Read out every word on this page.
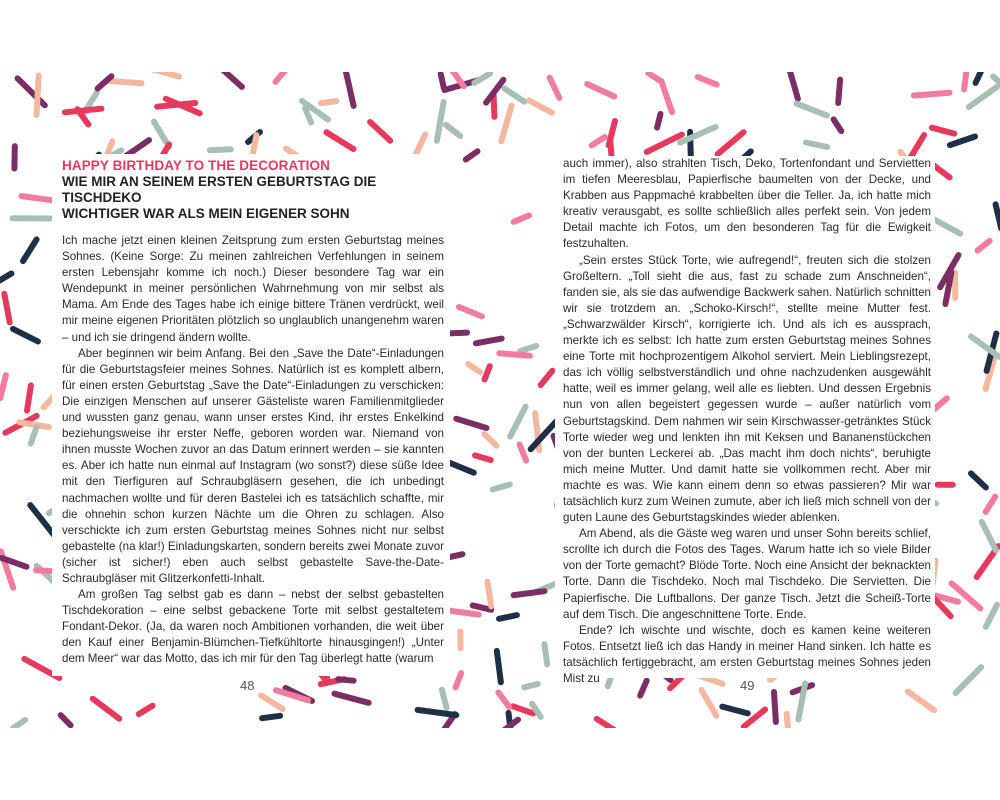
HAPPY BIRTHDAY TO THE DECORATION
WIE MIR AN SEINEM ERSTEN GEBURTSTAG DIE TISCHDEKO
WICHTIGER WAR ALS MEIN EIGENER SOHN

Ich mache jetzt einen kleinen Zeitsprung zum ersten Geburtstag meines Sohnes. (Keine Sorge: Zu meinen zahlreichen Verfehlungen in seinem ersten Lebensjahr komme ich noch.) Dieser besondere Tag war ein Wendepunkt in meiner persönlichen Wahrnehmung von mir selbst als Mama. Am Ende des Tages habe ich einige bittere Tränen verdrückt, weil mir meine eigenen Prioritäten plötzlich so unglaublich unangenehm waren – und ich sie dringend ändern wollte.

Aber beginnen wir beim Anfang. Bei den „Save the Date“-Einladungen für die Geburtstagsfeier meines Sohnes. Natürlich ist es komplett albern, für einen ersten Geburtstag „Save the Date“-Einladungen zu verschicken: Die einzigen Menschen auf unserer Gästeliste waren Familienmitglieder und wussten ganz genau, wann unser erstes Kind, ihr erstes Enkelkind beziehungsweise ihr erster Neffe, geboren worden war. Niemand von ihnen musste Wochen zuvor an das Datum erinnert werden – sie kannten es. Aber ich hatte nun einmal auf Instagram (wo sonst?) diese süße Idee mit den Tierfiguren auf Schraubgläsern gesehen, die ich unbedingt nachmachen wollte und für deren Bastelei ich es tatsächlich schaffte, mir die ohnehin schon kurzen Nächte um die Ohren zu schlagen. Also verschickte ich zum ersten Geburtstag meines Sohnes nicht nur selbst gebastelte (na klar!) Einladungskarten, sondern bereits zwei Monate zuvor (sicher ist sicher!) eben auch selbst gebastelte Save-the-Date-Schraubgläser mit Glitzerkonfetti-Inhalt.

Am großen Tag selbst gab es dann – nebst der selbst gebastelten Tischdekoration – eine selbst gebackene Torte mit selbst gestaltetem Fondant-Dekor. (Ja, da waren noch Ambitionen vorhanden, die weit über den Kauf einer Benjamin-Blümchen-Tiefkühltorte hinausgingen!) „Unter dem Meer“ war das Motto, das ich mir für den Tag überlegt hatte (warum

auch immer), also strahlten Tisch, Deko, Tortenfondant und Servietten im tiefen Meeresblau, Papierfische baumelten von der Decke, und Krabben aus Pappmaché krabbelten über die Teller. Ja, ich hatte mich kreativ verausgabt, es sollte schließlich alles perfekt sein. Von jedem Detail machte ich Fotos, um den besonderen Tag für die Ewigkeit festzuhalten.

„Sein erstes Stück Torte, wie aufregend!“, freuten sich die stolzen Großeltern. „Toll sieht die aus, fast zu schade zum Anschneiden“, fanden sie, als sie das aufwendige Backwerk sahen. Natürlich schnitten wir sie trotzdem an. „Schoko-Kirsch!“, stellte meine Mutter fest. „Schwarzwälder Kirsch“, korrigierte ich. Und als ich es aussprach, merkte ich es selbst: Ich hatte zum ersten Geburtstag meines Sohnes eine Torte mit hochprozentigem Alkohol serviert. Mein Lieblingsrezept, das ich völlig selbstverständlich und ohne nachzudenken ausgewählt hatte, weil es immer gelang, weil alle es liebten. Und dessen Ergebnis nun von allen begeistert gegessen wurde – außer natürlich vom Geburtstagskind. Dem nahmen wir sein Kirschwasser-getränktes Stück Torte wieder weg und lenkten ihn mit Keksen und Bananenstückchen von der bunten Leckerei ab. „Das macht ihm doch nichts“, beruhigte mich meine Mutter. Und damit hatte sie vollkommen recht. Aber mir machte es was. Wie kann einem denn so etwas passieren? Mir war tatsächlich kurz zum Weinen zumute, aber ich ließ mich schnell von der guten Laune des Geburtstagskindes wieder ablenken.

Am Abend, als die Gäste weg waren und unser Sohn bereits schlief, scrollte ich durch die Fotos des Tages. Warum hatte ich so viele Bilder von der Torte gemacht? Blöde Torte. Noch eine Ansicht der beknackten Torte. Dann die Tischdeko. Noch mal Tischdeko. Die Servietten. Die Papierfische. Die Luftballons. Der ganze Tisch. Jetzt die Scheiß-Torte auf dem Tisch. Die angeschnittene Torte. Ende.

Ende? Ich wischte und wischte, doch es kamen keine weiteren Fotos. Entsetzt ließ ich das Handy in meiner Hand sinken. Ich hatte es tatsächlich fertiggebracht, am ersten Geburtstag meines Sohnes jeden Mist zu

48	49
